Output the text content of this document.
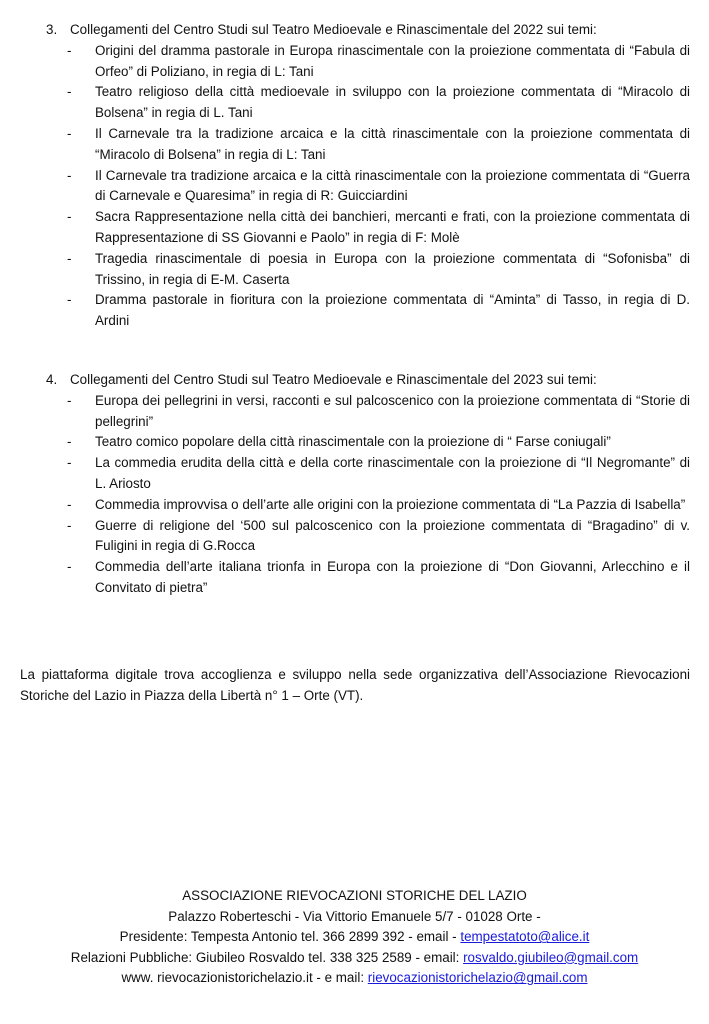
3. Collegamenti del Centro Studi sul Teatro Medioevale e Rinascimentale del 2022 sui temi:
-	Origini del dramma pastorale in Europa rinascimentale con la proiezione commentata di “Fabula di Orfeo” di Poliziano, in regia di L: Tani
-	Teatro religioso della città medioevale in sviluppo con la proiezione commentata di “Miracolo di Bolsena” in regia di L. Tani
-	Il Carnevale tra la tradizione arcaica e la città rinascimentale con la proiezione commentata di “Miracolo di Bolsena” in regia di L: Tani
-	Il Carnevale tra tradizione arcaica e la città rinascimentale con la proiezione commentata di “Guerra di Carnevale e Quaresima” in regia di R: Guicciardini
-	Sacra Rappresentazione nella città dei banchieri, mercanti e frati, con la proiezione commentata di Rappresentazione di SS Giovanni e Paolo” in regia di F: Molè
-	Tragedia rinascimentale di poesia in Europa con la proiezione commentata di “Sofonisba” di Trissino, in regia di E-M. Caserta
-	Dramma pastorale in fioritura con la proiezione commentata di “Aminta” di Tasso, in regia di D. Ardini
4. Collegamenti del Centro Studi sul Teatro Medioevale e Rinascimentale del 2023 sui temi:
-	Europa dei pellegrini in versi, racconti e sul palcoscenico con la proiezione commentata di “Storie di pellegrini”
-	Teatro comico popolare della città rinascimentale con la proiezione di “ Farse coniugali”
-	La commedia erudita della città e della corte rinascimentale con la proiezione di “Il Negromante” di L. Ariosto
-	Commedia improvvisa o dell’arte alle origini con la proiezione commentata di “La Pazzia di Isabella”
-	Guerre di religione del ‘500 sul palcoscenico con la proiezione commentata di “Bragadino” di v. Fuligini in regia di G.Rocca
-	Commedia dell’arte italiana trionfa in Europa con la proiezione di “Don Giovanni, Arlecchino e il Convitato di pietra”

La piattaforma digitale trova accoglienza e sviluppo nella sede organizzativa dell’Associazione Rievocazioni Storiche del Lazio in Piazza della Libertà n° 1 – Orte (VT).

ASSOCIAZIONE RIEVOCAZIONI STORICHE DEL LAZIO
Palazzo Roberteschi - Via Vittorio Emanuele 5/7 - 01028 Orte -
Presidente: Tempesta Antonio tel. 366 2899 392 - email - tempestatoto@alice.it
Relazioni Pubbliche: Giubileo Rosvaldo tel. 338 325 2589 - email: rosvaldo.giubileo@gmail.com
www. rievocazionistorichelazio.it - e mail: rievocazionistorichelazio@gmail.com
